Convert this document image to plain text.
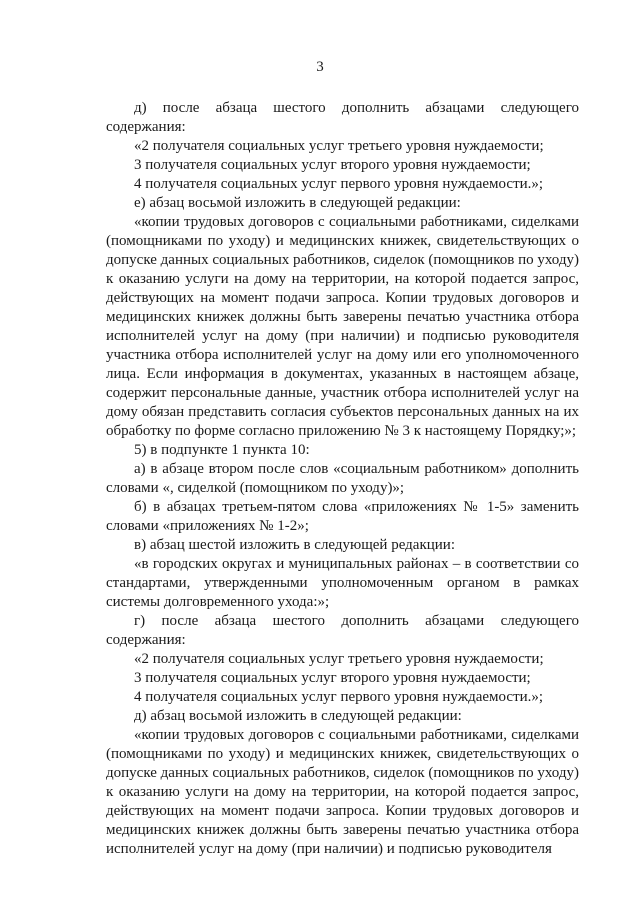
3

д) после абзаца шестого дополнить абзацами следующего содержания:

«2 получателя социальных услуг третьего уровня нуждаемости;

3 получателя социальных услуг второго уровня нуждаемости;

4 получателя социальных услуг первого уровня нуждаемости.»;

е) абзац восьмой изложить в следующей редакции:

«копии трудовых договоров с социальными работниками, сиделками (помощниками по уходу) и медицинских книжек, свидетельствующих о допуске данных социальных работников, сиделок (помощников по уходу) к оказанию услуги на дому на территории, на которой подается запрос, действующих на момент подачи запроса. Копии трудовых договоров и медицинских книжек должны быть заверены печатью участника отбора исполнителей услуг на дому (при наличии) и подписью руководителя участника отбора исполнителей услуг на дому или его уполномоченного лица. Если информация в документах, указанных в настоящем абзаце, содержит персональные данные, участник отбора исполнителей услуг на дому обязан представить согласия субъектов персональных данных на их обработку по форме согласно приложению № 3 к настоящему Порядку;»;

5) в подпункте 1 пункта 10:

а) в абзаце втором после слов «социальным работником» дополнить словами «, сиделкой (помощником по уходу)»;

б) в абзацах третьем-пятом слова «приложениях № 1-5» заменить словами «приложениях № 1-2»;

в) абзац шестой изложить в следующей редакции:

«в городских округах и муниципальных районах – в соответствии со стандартами, утвержденными уполномоченным органом в рамках системы долговременного ухода:»;

г) после абзаца шестого дополнить абзацами следующего содержания:

«2 получателя социальных услуг третьего уровня нуждаемости;

3 получателя социальных услуг второго уровня нуждаемости;

4 получателя социальных услуг первого уровня нуждаемости.»;

д) абзац восьмой изложить в следующей редакции:

«копии трудовых договоров с социальными работниками, сиделками (помощниками по уходу) и медицинских книжек, свидетельствующих о допуске данных социальных работников, сиделок (помощников по уходу) к оказанию услуги на дому на территории, на которой подается запрос, действующих на момент подачи запроса. Копии трудовых договоров и медицинских книжек должны быть заверены печатью участника отбора исполнителей услуг на дому (при наличии) и подписью руководителя
